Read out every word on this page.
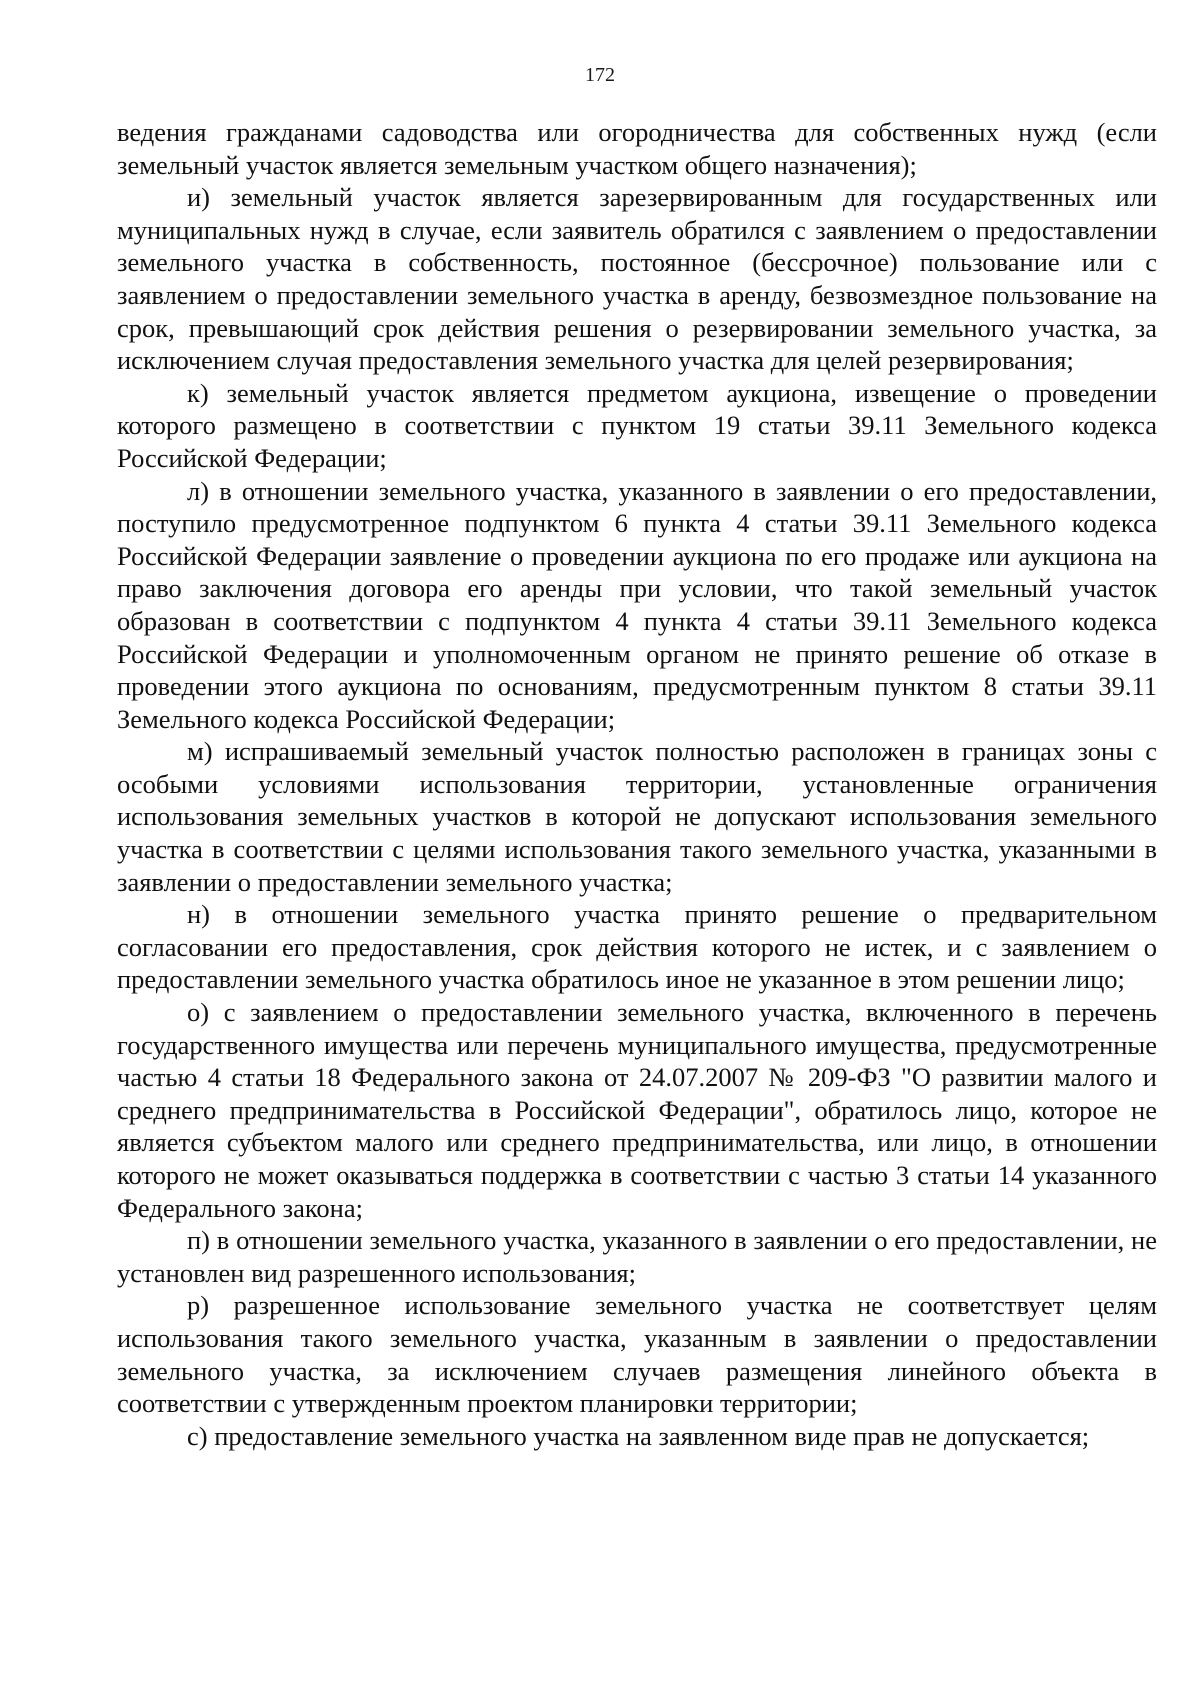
172

ведения гражданами садоводства или огородничества для собственных нужд (если земельный участок является земельным участком общего назначения);

и) земельный участок является зарезервированным для государственных или муниципальных нужд в случае, если заявитель обратился с заявлением о предоставлении земельного участка в собственность, постоянное (бессрочное) пользование или с заявлением о предоставлении земельного участка в аренду, безвозмездное пользование на срок, превышающий срок действия решения о резервировании земельного участка, за исключением случая предоставления земельного участка для целей резервирования;

к) земельный участок является предметом аукциона, извещение о проведении которого размещено в соответствии с пунктом 19 статьи 39.11 Земельного кодекса Российской Федерации;

л) в отношении земельного участка, указанного в заявлении о его предоставлении, поступило предусмотренное подпунктом 6 пункта 4 статьи 39.11 Земельного кодекса Российской Федерации заявление о проведении аукциона по его продаже или аукциона на право заключения договора его аренды при условии, что такой земельный участок образован в соответствии с подпунктом 4 пункта 4 статьи 39.11 Земельного кодекса Российской Федерации и уполномоченным органом не принято решение об отказе в проведении этого аукциона по основаниям, предусмотренным пунктом 8 статьи 39.11 Земельного кодекса Российской Федерации;

м) испрашиваемый земельный участок полностью расположен в границах зоны с особыми условиями использования территории, установленные ограничения использования земельных участков в которой не допускают использования земельного участка в соответствии с целями использования такого земельного участка, указанными в заявлении о предоставлении земельного участка;

н) в отношении земельного участка принято решение о предварительном согласовании его предоставления, срок действия которого не истек, и с заявлением о предоставлении земельного участка обратилось иное не указанное в этом решении лицо;

о) с заявлением о предоставлении земельного участка, включенного в перечень государственного имущества или перечень муниципального имущества, предусмотренные частью 4 статьи 18 Федерального закона от 24.07.2007 № 209-ФЗ "О развитии малого и среднего предпринимательства в Российской Федерации", обратилось лицо, которое не является субъектом малого или среднего предпринимательства, или лицо, в отношении которого не может оказываться поддержка в соответствии с частью 3 статьи 14 указанного Федерального закона;

п) в отношении земельного участка, указанного в заявлении о его предоставлении, не установлен вид разрешенного использования;

р) разрешенное использование земельного участка не соответствует целям использования такого земельного участка, указанным в заявлении о предоставлении земельного участка, за исключением случаев размещения линейного объекта в соответствии с утвержденным проектом планировки территории;

с) предоставление земельного участка на заявленном виде прав не допускается;
